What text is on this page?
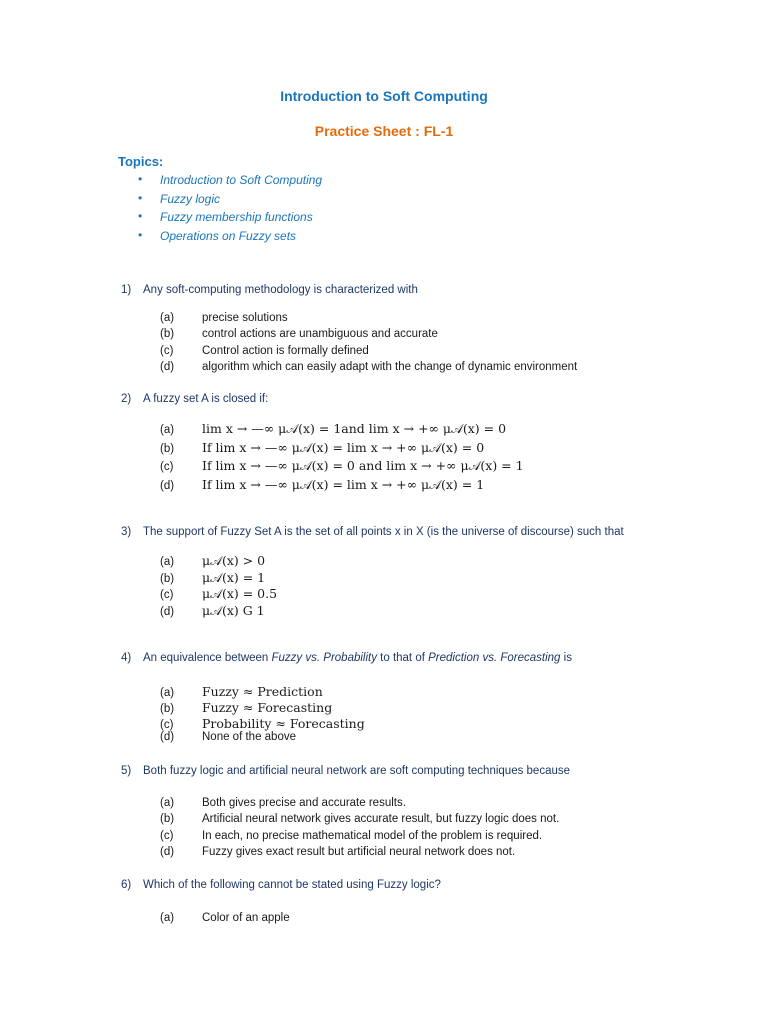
Introduction to Soft Computing
Practice Sheet : FL-1
Topics:
• Introduction to Soft Computing
• Fuzzy logic
• Fuzzy membership functions
• Operations on Fuzzy sets
1) Any soft-computing methodology is characterized with
(a) precise solutions
(b) control actions are unambiguous and accurate
(c) Control action is formally defined
(d) algorithm which can easily adapt with the change of dynamic environment
2) A fuzzy set A is closed if:
(a) lim x → —∞ μ𝒜(x) = 1and lim x → +∞ μ𝒜(x) = 0
(b) If lim x → —∞ μ𝒜(x) = lim x → +∞ μ𝒜(x) = 0
(c) If lim x → —∞ μ𝒜(x) = 0 and lim x → +∞ μ𝒜(x) = 1
(d) If lim x → —∞ μ𝒜(x) = lim x → +∞ μ𝒜(x) = 1
3) The support of Fuzzy Set A is the set of all points x in X (is the universe of discourse) such that
(a) μ𝒜(x) > 0
(b) μ𝒜(x) = 1
(c) μ𝒜(x) = 0.5
(d) μ𝒜(x) G 1
4) An equivalence between Fuzzy vs. Probability to that of Prediction vs. Forecasting is
(a) Fuzzy ≈ Prediction
(b) Fuzzy ≈ Forecasting
(c) Probability ≈ Forecasting
(d) None of the above
5) Both fuzzy logic and artificial neural network are soft computing techniques because
(a) Both gives precise and accurate results.
(b) Artificial neural network gives accurate result, but fuzzy logic does not.
(c) In each, no precise mathematical model of the problem is required.
(d) Fuzzy gives exact result but artificial neural network does not.
6) Which of the following cannot be stated using Fuzzy logic?
(a) Color of an apple
